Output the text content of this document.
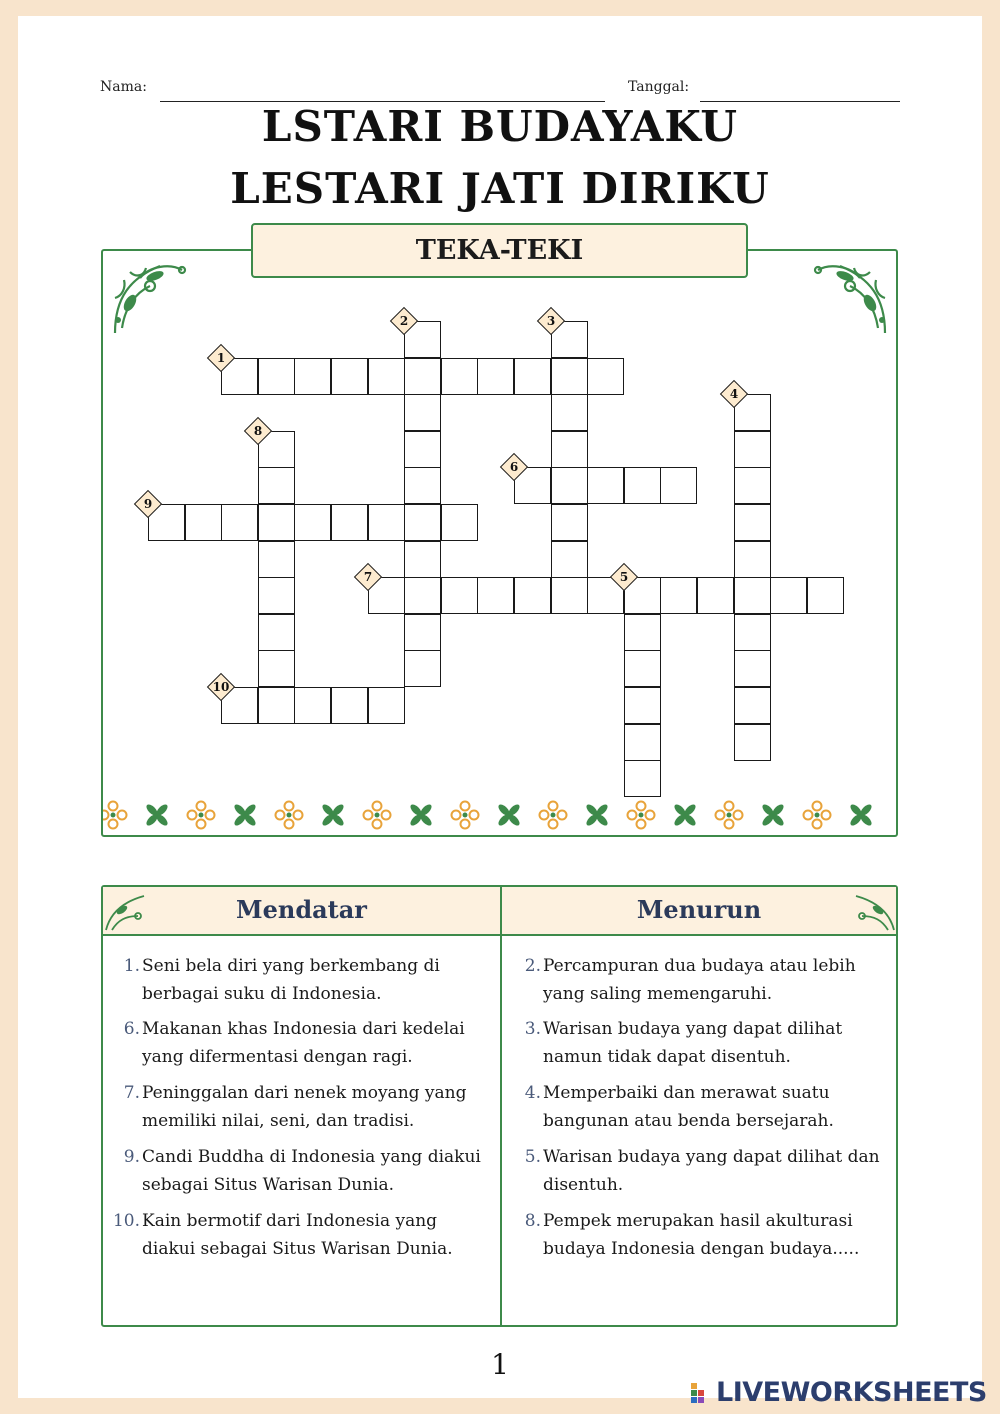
Nama:	Tanggal:
LSTARI BUDAYAKU
LESTARI JATI DIRIKU
TEKA-TEKI
1
2	3
4
5
6
7
8
9
10
Mendatar	Menurun
1. Seni bela diri yang berkembang di berbagai suku di Indonesia.
6. Makanan khas Indonesia dari kedelai yang difermentasi dengan ragi.
7. Peninggalan dari nenek moyang yang memiliki nilai, seni, dan tradisi.
9. Candi Buddha di Indonesia yang diakui sebagai Situs Warisan Dunia.
10. Kain bermotif dari Indonesia yang diakui sebagai Situs Warisan Dunia.
2. Percampuran dua budaya atau lebih yang saling memengaruhi.
3. Warisan budaya yang dapat dilihat namun tidak dapat disentuh.
4. Memperbaiki dan merawat suatu bangunan atau benda bersejarah.
5. Warisan budaya yang dapat dilihat dan disentuh.
8. Pempek merupakan hasil akulturasi budaya Indonesia dengan budaya.....
1
LIVEWORKSHEETS
